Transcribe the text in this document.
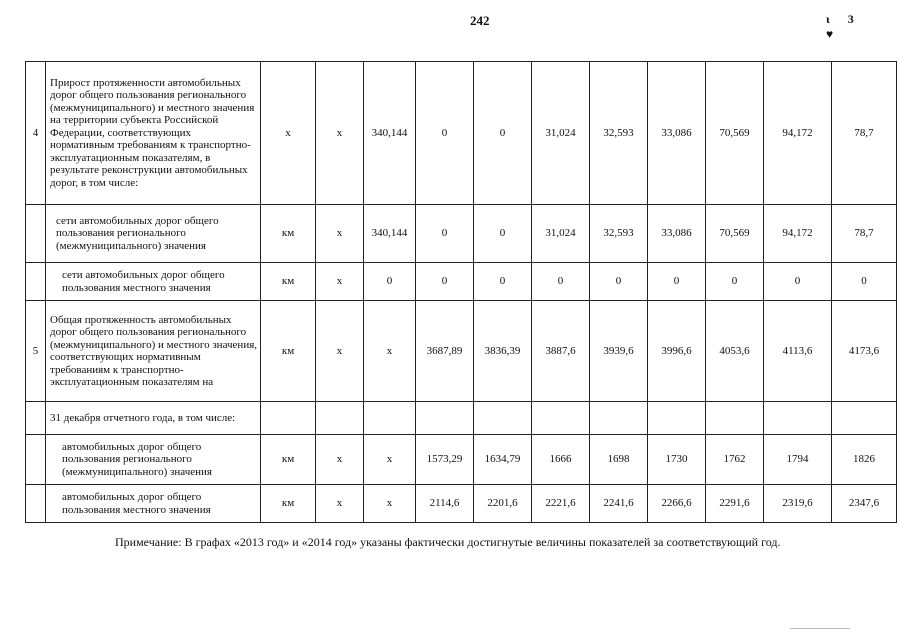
242	ι3 ♥
4	Прирост протяженности автомобильных дорог общего пользования регионального (межмуниципального) и местного значения на территории субъекта Российской Федерации, соответствующих нормативным требованиям к транспортно-эксплуатационным показателям, в результате реконструкции автомобильных дорог, в том числе:	x	x	340,144	0	0	31,024	32,593	33,086	70,569	94,172	78,7
	сети автомобильных дорог общего пользования регионального (межмуниципального) значения	км	x	340,144	0	0	31,024	32,593	33,086	70,569	94,172	78,7
	сети автомобильных дорог общего пользования местного значения	км	x	0	0	0	0	0	0	0	0	0
5	Общая протяженность автомобильных дорог общего пользования регионального (межмуниципального) и местного значения, соответствующих нормативным требованиям к транспортно-эксплуатационным показателям на	км	x	x	3687,89	3836,39	3887,6	3939,6	3996,6	4053,6	4113,6	4173,6
	31 декабря отчетного года, в том числе:											
	автомобильных дорог общего пользования регионального (межмуниципального) значения	км	x	x	1573,29	1634,79	1666	1698	1730	1762	1794	1826
	автомобильных дорог общего пользования местного значения	км	x	x	2114,6	2201,6	2221,6	2241,6	2266,6	2291,6	2319,6	2347,6
Примечание: В графах «2013 год» и «2014 год» указаны фактически достигнутые величины показателей за соответствующий год.
